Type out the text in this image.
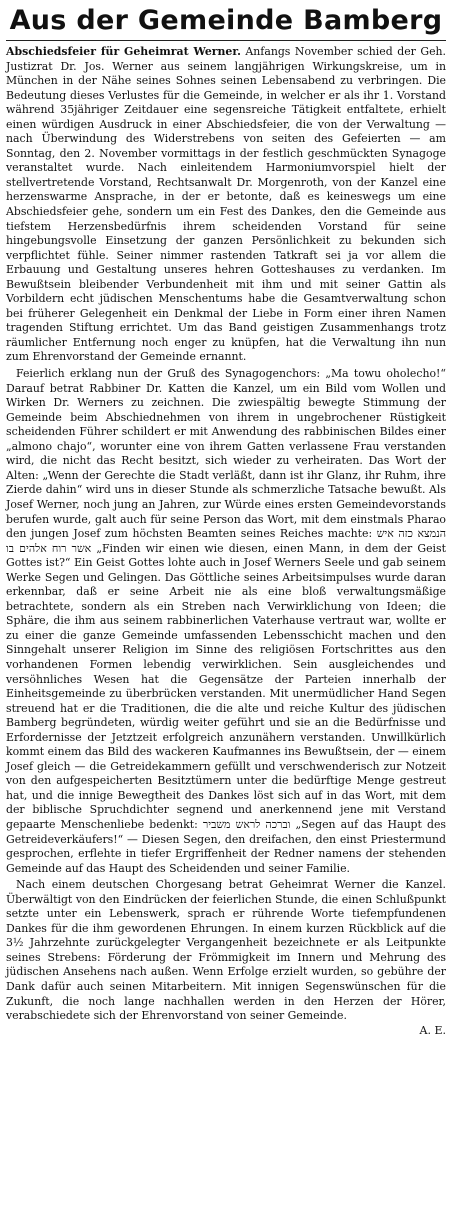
Aus der Gemeinde Bamberg

Abschiedsfeier für Geheimrat Werner. Anfangs November schied der Geh. Justizrat Dr. Jos. Werner aus seinem langjährigen Wirkungskreise, um in München in der Nähe seines Sohnes seinen Lebensabend zu verbringen. Die Bedeutung dieses Verlustes für die Gemeinde, in welcher er als ihr 1. Vorstand während 35jähriger Zeitdauer eine segensreiche Tätigkeit entfaltete, erhielt einen würdigen Ausdruck in einer Abschiedsfeier, die von der Verwaltung — nach Überwindung des Widerstrebens von seiten des Gefeierten — am Sonntag, den 2. November vormittags in der festlich geschmückten Synagoge veranstaltet wurde. Nach einleitendem Harmoniumvorspiel hielt der stellvertretende Vorstand, Rechtsanwalt Dr. Morgenroth, von der Kanzel eine herzenswarme Ansprache, in der er betonte, daß es keineswegs um eine Abschiedsfeier gehe, sondern um ein Fest des Dankes, den die Gemeinde aus tiefstem Herzensbedürfnis ihrem scheidenden Vorstand für seine hingebungsvolle Einsetzung der ganzen Persönlichkeit zu bekunden sich verpflichtet fühle. Seiner nimmer rastenden Tatkraft sei ja vor allem die Erbauung und Gestaltung unseres hehren Gotteshauses zu verdanken. Im Bewußtsein bleibender Verbundenheit mit ihm und mit seiner Gattin als Vorbildern echt jüdischen Menschentums habe die Gesamtverwaltung schon bei früherer Gelegenheit ein Denkmal der Liebe in Form einer ihren Namen tragenden Stiftung errichtet. Um das Band geistigen Zusammenhangs trotz räumlicher Entfernung noch enger zu knüpfen, hat die Verwaltung ihn nun zum Ehrenvorstand der Gemeinde ernannt.

Feierlich erklang nun der Gruß des Synagogenchors: „Ma towu oholecho!“ Darauf betrat Rabbiner Dr. Katten die Kanzel, um ein Bild vom Wollen und Wirken Dr. Werners zu zeichnen. Die zwiespältig bewegte Stimmung der Gemeinde beim Abschiednehmen von ihrem in ungebrochener Rüstigkeit scheidenden Führer schildert er mit Anwendung des rabbinischen Bildes einer „almono chajo“, worunter eine von ihrem Gatten verlassene Frau verstanden wird, die nicht das Recht besitzt, sich wieder zu verheiraten. Das Wort der Alten: „Wenn der Gerechte die Stadt verläßt, dann ist ihr Glanz, ihr Ruhm, ihre Zierde dahin“ wird uns in dieser Stunde als schmerzliche Tatsache bewußt. Als Josef Werner, noch jung an Jahren, zur Würde eines ersten Gemeindevorstands berufen wurde, galt auch für seine Person das Wort, mit dem einstmals Pharao den jungen Josef zum höchsten Beamten seines Reiches machte: הנמצא כזה איש אשר רוח אלהים בו „Finden wir einen wie diesen, einen Mann, in dem der Geist Gottes ist?“ Ein Geist Gottes lohte auch in Josef Werners Seele und gab seinem Werke Segen und Gelingen. Das Göttliche seines Arbeitsimpulses wurde daran erkennbar, daß er seine Arbeit nie als eine bloß verwaltungsmäßige betrachtete, sondern als ein Streben nach Verwirklichung von Ideen; die Sphäre, die ihm aus seinem rabbinerlichen Vaterhause vertraut war, wollte er zu einer die ganze Gemeinde umfassenden Lebensschicht machen und den Sinngehalt unserer Religion im Sinne des religiösen Fortschrittes aus den vorhandenen Formen lebendig verwirklichen. Sein ausgleichendes und versöhnliches Wesen hat die Gegensätze der Parteien innerhalb der Einheitsgemeinde zu überbrücken verstanden. Mit unermüdlicher Hand Segen streuend hat er die Traditionen, die die alte und reiche Kultur des jüdischen Bamberg begründeten, würdig weiter geführt und sie an die Bedürfnisse und Erfordernisse der Jetztzeit erfolgreich anzunähern verstanden. Unwillkürlich kommt einem das Bild des wackeren Kaufmannes ins Bewußtsein, der — einem Josef gleich — die Getreidekammern gefüllt und verschwenderisch zur Notzeit von den aufgespeicherten Besitztümern unter die bedürftige Menge gestreut hat, und die innige Bewegtheit des Dankes löst sich auf in das Wort, mit dem der biblische Spruchdichter segnend und anerkennend jene mit Verstand gepaarte Menschenliebe bedenkt: וברכה לראש משביר „Segen auf das Haupt des Getreideverkäufers!“ — Diesen Segen, den dreifachen, den einst Priestermund gesprochen, erflehte in tiefer Ergriffenheit der Redner namens der stehenden Gemeinde auf das Haupt des Scheidenden und seiner Familie.

Nach einem deutschen Chorgesang betrat Geheimrat Werner die Kanzel. Überwältigt von den Eindrücken der feierlichen Stunde, die einen Schlußpunkt setzte unter ein Lebenswerk, sprach er rührende Worte tiefempfundenen Dankes für die ihm gewordenen Ehrungen. In einem kurzen Rückblick auf die 3½ Jahrzehnte zurückgelegter Vergangenheit bezeichnete er als Leitpunkte seines Strebens: Förderung der Frömmigkeit im Innern und Mehrung des jüdischen Ansehens nach außen. Wenn Erfolge erzielt wurden, so gebühre der Dank dafür auch seinen Mitarbeitern. Mit innigen Segenswünschen für die Zukunft, die noch lange nachhallen werden in den Herzen der Hörer, verabschiedete sich der Ehrenvorstand von seiner Gemeinde.

A. E.
